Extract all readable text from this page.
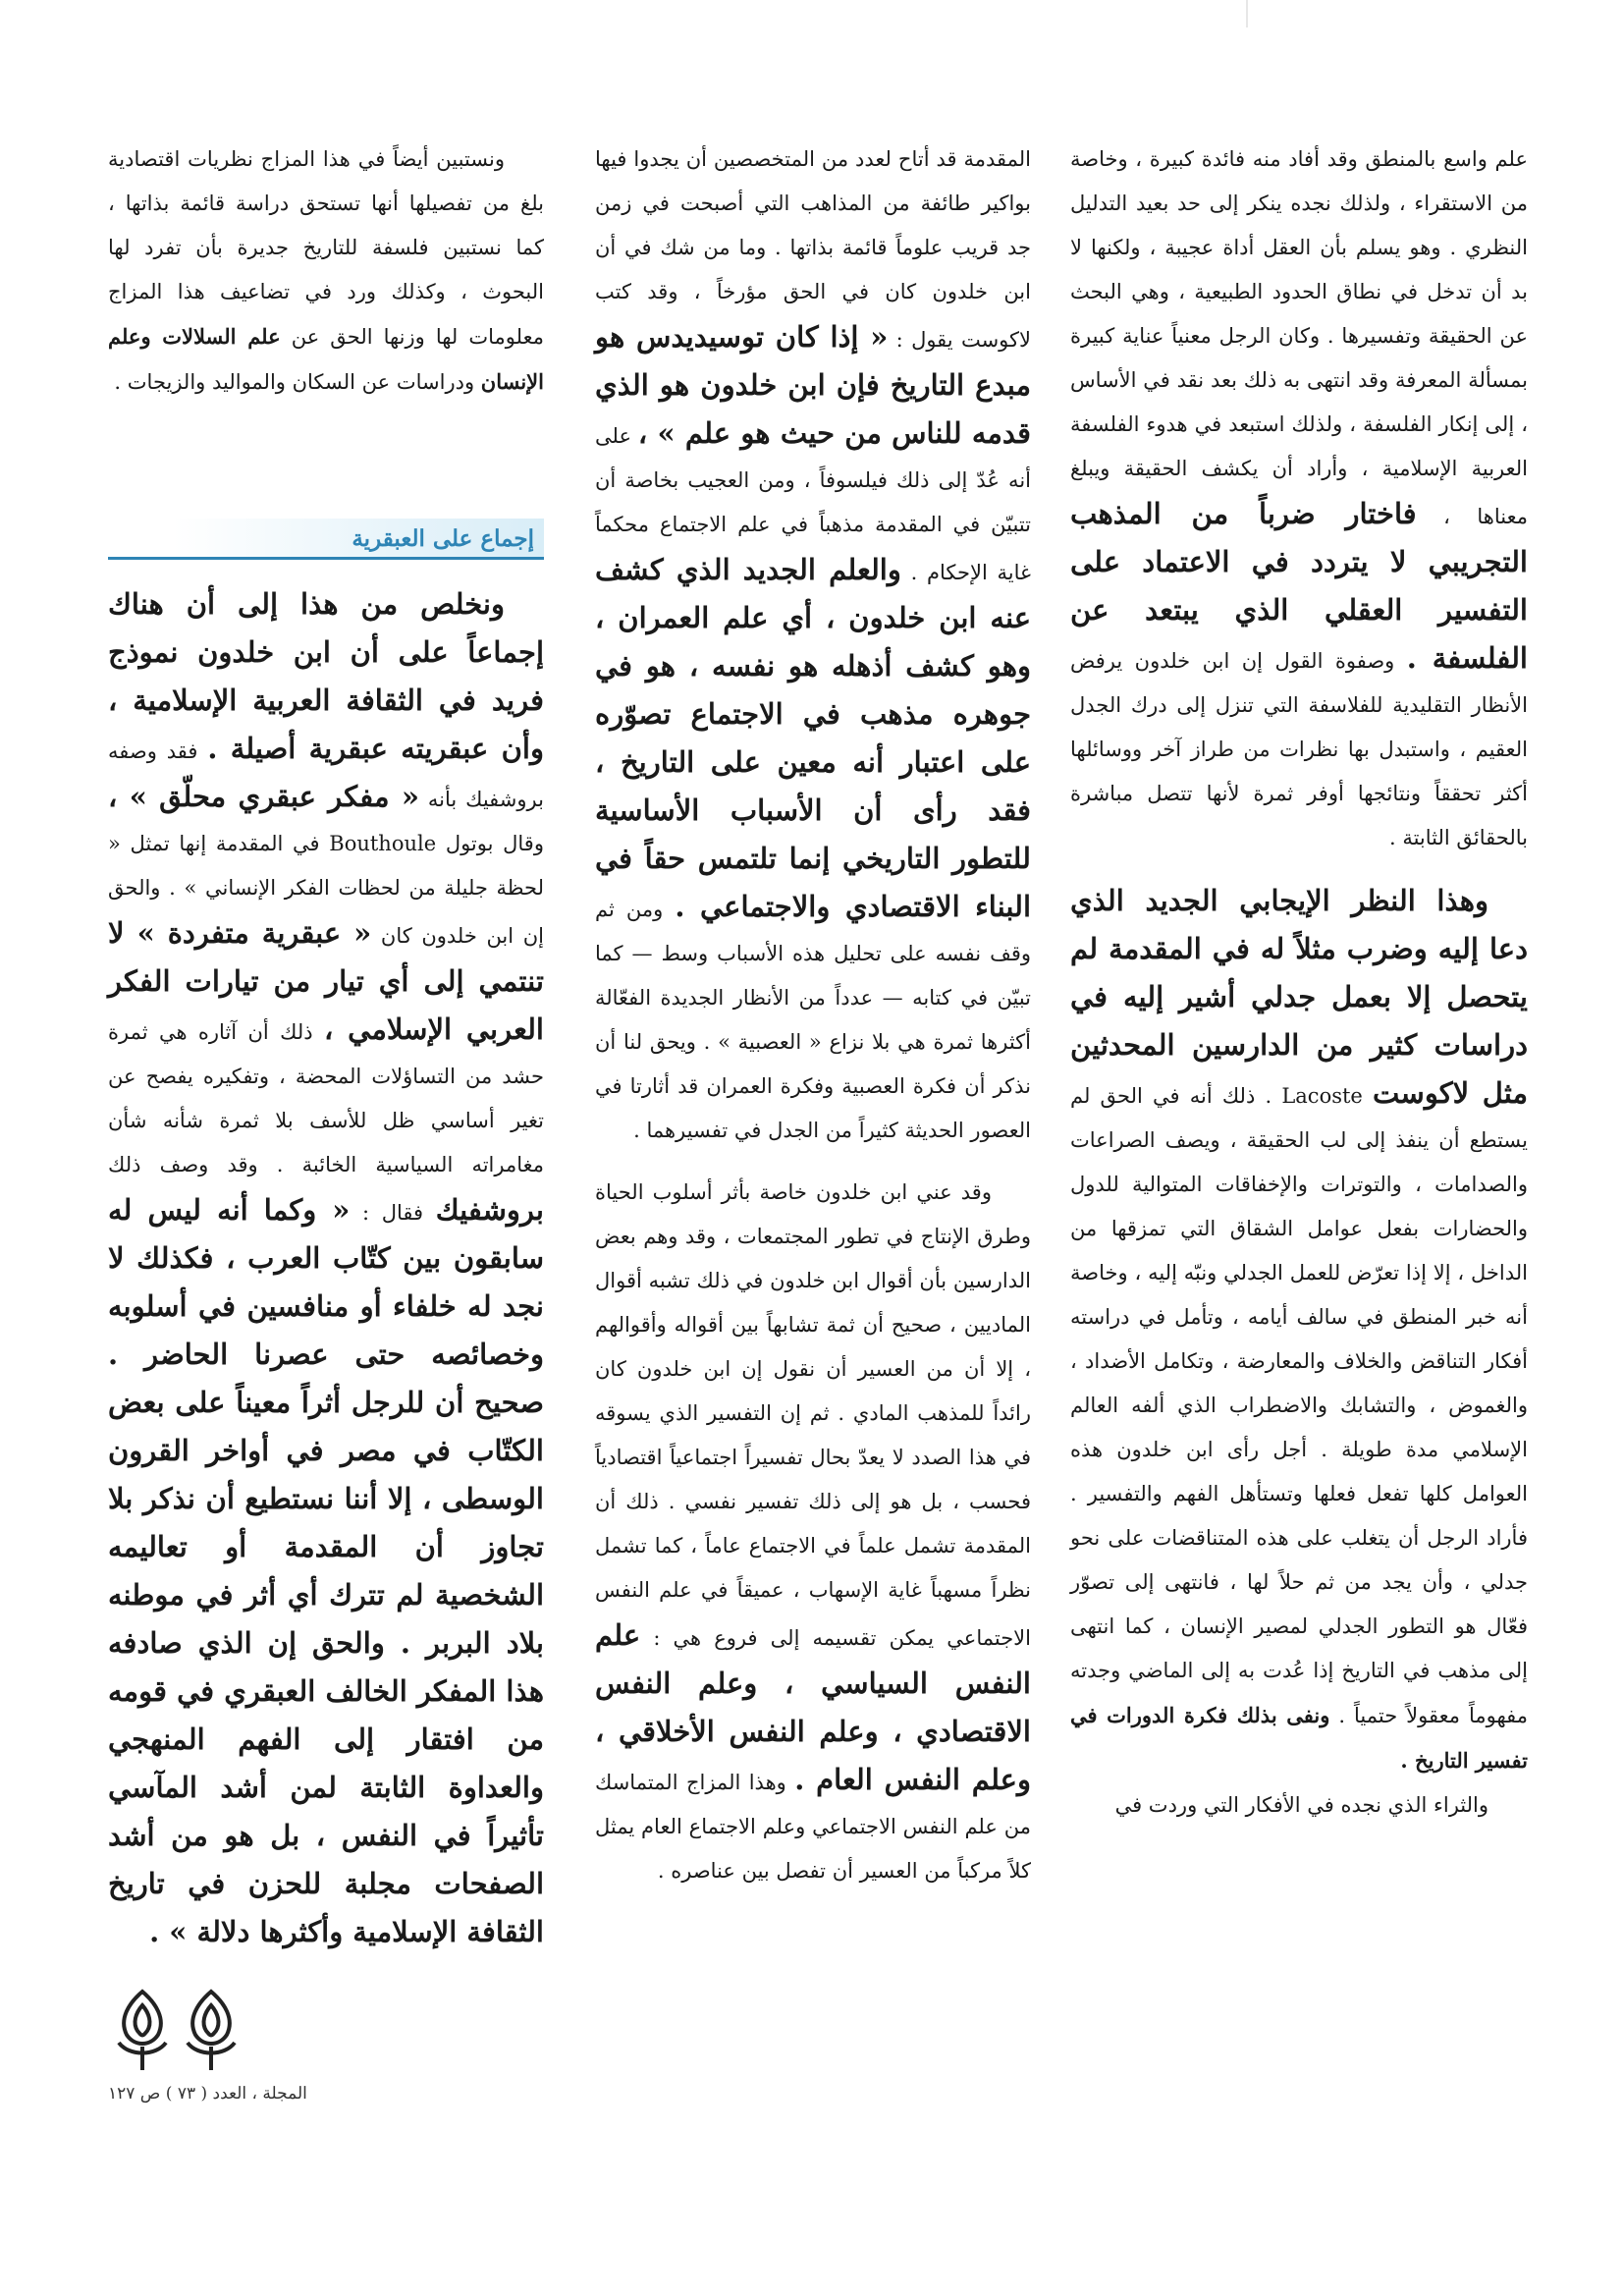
علم واسع بالمنطق وقد أفاد منه فائدة كبيرة ، وخاصة من الاستقراء ، ولذلك نجده ينكر إلى حد بعيد التدليل النظري . وهو يسلم بأن العقل أداة عجيبة ، ولكنها لا بد أن تدخل في نطاق الحدود الطبيعية ، وهي البحث عن الحقيقة وتفسيرها . وكان الرجل معنياً عناية كبيرة بمسألة المعرفة وقد انتهى به ذلك بعد نقد في الأساس ، إلى إنكار الفلسفة ، ولذلك استبعد في هدوء الفلسفة العربية الإسلامية ، وأراد أن يكشف الحقيقة ويبلغ معناها ، فاختار ضرباً من المذهب التجريبي لا يتردد في الاعتماد على التفسير العقلي الذي يبتعد عن الفلسفة . وصفوة القول إن ابن خلدون يرفض الأنظار التقليدية للفلاسفة التي تنزل إلى درك الجدل العقيم ، واستبدل بها نظرات من طراز آخر ووسائلها أكثر تحققاً ونتائجها أوفر ثمرة لأنها تتصل مباشرة بالحقائق الثابتة .

وهذا النظر الإيجابي الجديد الذي دعا إليه وضرب مثلاً له في المقدمة لم يتحصل إلا بعمل جدلي أشير إليه في دراسات كثير من الدارسين المحدثين مثل لاكوست Lacoste . ذلك أنه في الحق لم يستطع أن ينفذ إلى لب الحقيقة ، ويصف الصراعات والصدامات ، والتوترات والإخفاقات المتوالية للدول والحضارات بفعل عوامل الشقاق التي تمزقها من الداخل ، إلا إذا تعرّض للعمل الجدلي ونبّه إليه ، وخاصة أنه خبر المنطق في سالف أيامه ، وتأمل في دراسته أفكار التناقض والخلاف والمعارضة ، وتكامل الأضداد ، والغموض ، والتشابك والاضطراب الذي ألفه العالم الإسلامي مدة طويلة . أجل رأى ابن خلدون هذه العوامل كلها تفعل فعلها وتستأهل الفهم والتفسير . فأراد الرجل أن يتغلب على هذه المتناقضات على نحو جدلي ، وأن يجد من ثم حلاً لها ، فانتهى إلى تصوّر فعّال هو التطور الجدلي لمصير الإنسان ، كما انتهى إلى مذهب في التاريخ إذا عُدت به إلى الماضي وجدته مفهوماً معقولاً حتمياً . ونفى بذلك فكرة الدورات في تفسير التاريخ .

والثراء الذي نجده في الأفكار التي وردت في

المقدمة قد أتاح لعدد من المتخصصين أن يجدوا فيها بواكير طائفة من المذاهب التي أصبحت في زمن جد قريب علوماً قائمة بذاتها . وما من شك في أن ابن خلدون كان في الحق مؤرخاً ، وقد كتب لاكوست يقول : « إذا كان توسيديدس هو مبدع التاريخ فإن ابن خلدون هو الذي قدمه للناس من حيث هو علم » ، على أنه عُدّ إلى ذلك فيلسوفاً ، ومن العجيب بخاصة أن تتبيّن في المقدمة مذهباً في علم الاجتماع محكماً غاية الإحكام . والعلم الجديد الذي كشف عنه ابن خلدون ، أي علم العمران ، وهو كشف أذهله هو نفسه ، هو في جوهره مذهب في الاجتماع تصوّره على اعتبار أنه معين على التاريخ ، فقد رأى أن الأسباب الأساسية للتطور التاريخي إنما تلتمس حقاً في البناء الاقتصادي والاجتماعي . ومن ثم وقف نفسه على تحليل هذه الأسباب وسط — كما تبيّن في كتابه — عدداً من الأنظار الجديدة الفعّالة أكثرها ثمرة هي بلا نزاع « العصبية » . ويحق لنا أن نذكر أن فكرة العصبية وفكرة العمران قد أثارتا في العصور الحديثة كثيراً من الجدل في تفسيرهما .

وقد عني ابن خلدون خاصة بأثر أسلوب الحياة وطرق الإنتاج في تطور المجتمعات ، وقد وهم بعض الدارسين بأن أقوال ابن خلدون في ذلك تشبه أقوال الماديين ، صحيح أن ثمة تشابهاً بين أقواله وأقوالهم ، إلا أن من العسير أن نقول إن ابن خلدون كان رائداً للمذهب المادي . ثم إن التفسير الذي يسوقه في هذا الصدد لا يعدّ بحال تفسيراً اجتماعياً اقتصادياً فحسب ، بل هو إلى ذلك تفسير نفسي . ذلك أن المقدمة تشمل علماً في الاجتماع عاماً ، كما تشمل نظراً مسهباً غاية الإسهاب ، عميقاً في علم النفس الاجتماعي يمكن تقسيمه إلى فروع هي : علم النفس السياسي ، وعلم النفس الاقتصادي ، وعلم النفس الأخلاقي ، وعلم النفس العام . وهذا المزاج المتماسك من علم النفس الاجتماعي وعلم الاجتماع العام يمثل كلاً مركباً من العسير أن تفصل بين عناصره .

ونستبين أيضاً في هذا المزاج نظريات اقتصادية بلغ من تفصيلها أنها تستحق دراسة قائمة بذاتها ، كما نستبين فلسفة للتاريخ جديرة بأن تفرد لها البحوث ، وكذلك ورد في تضاعيف هذا المزاج معلومات لها وزنها الحق عن علم السلالات وعلم الإنسان ودراسات عن السكان والمواليد والزيجات .

إجماع على العبقرية

ونخلص من هذا إلى أن هناك إجماعاً على أن ابن خلدون نموذج فريد في الثقافة العربية الإسلامية ، وأن عبقريته عبقرية أصيلة . فقد وصفه بروشفيك بأنه « مفكر عبقري محلّق » ، وقال بوتول Bouthoule في المقدمة إنها تمثل « لحظة جليلة من لحظات الفكر الإنساني » . والحق إن ابن خلدون كان « عبقرية متفردة » لا تنتمي إلى أي تيار من تيارات الفكر العربي الإسلامي ، ذلك أن آثاره هي ثمرة حشد من التساؤلات المحضة ، وتفكيره يفصح عن تغير أساسي ظل للأسف بلا ثمرة شأنه شأن مغامراته السياسية الخائبة . وقد وصف ذلك بروشفيك فقال : « وكما أنه ليس له سابقون بين كتّاب العرب ، فكذلك لا نجد له خلفاء أو منافسين في أسلوبه وخصائصه حتى عصرنا الحاضر . صحيح أن للرجل أثراً معيناً على بعض الكتّاب في مصر في أواخر القرون الوسطى ، إلا أننا نستطيع أن نذكر بلا تجاوز أن المقدمة أو تعاليمه الشخصية لم تترك أي أثر في موطنه بلاد البربر . والحق إن الذي صادفه هذا المفكر الخالف العبقري في قومه من افتقار إلى الفهم المنهجي والعداوة الثابتة لمن أشد المآسي تأثيراً في النفس ، بل هو من أشد الصفحات مجلبة للحزن في تاريخ الثقافة الإسلامية وأكثرها دلالة » .

المجلة ، العدد ( ٧٣ ) ص ١٢٧
